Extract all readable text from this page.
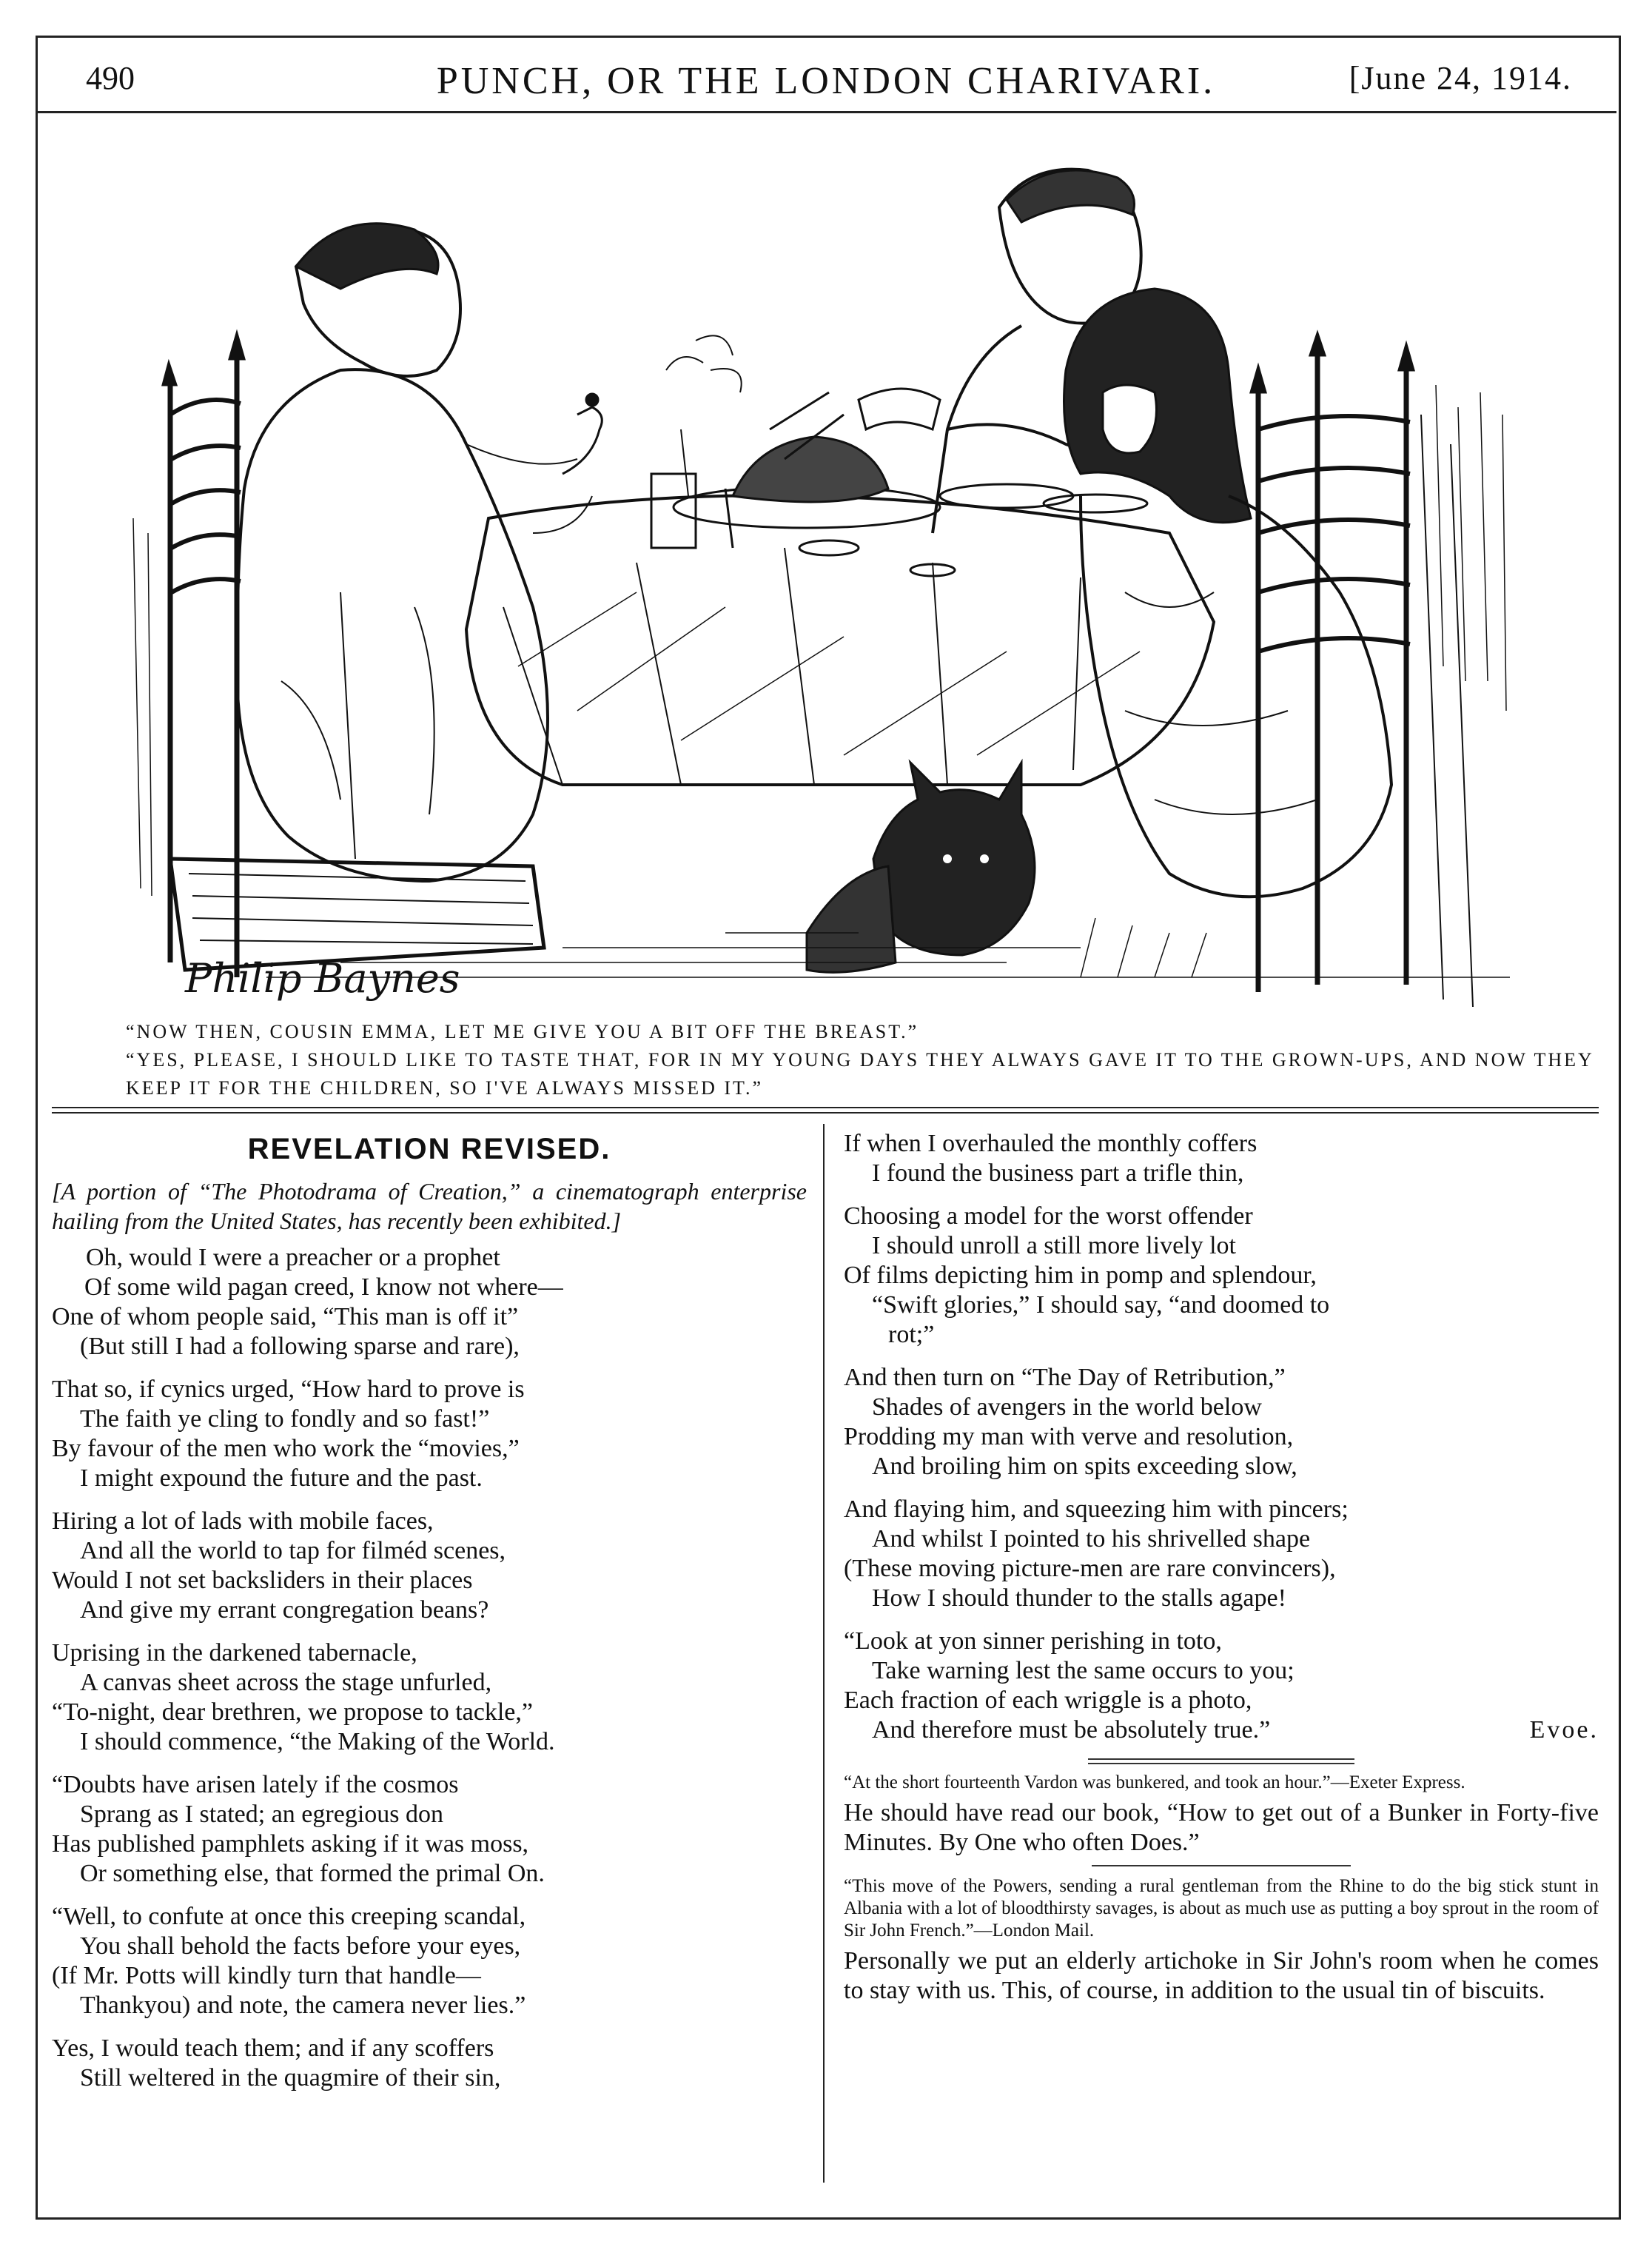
490	PUNCH, OR THE LONDON CHARIVARI.	[June 24, 1914.
Philip Baynes

“NOW THEN, COUSIN EMMA, LET ME GIVE YOU A BIT OFF THE BREAST.”

“YES, PLEASE, I SHOULD LIKE TO TASTE THAT, FOR IN MY YOUNG DAYS THEY ALWAYS GAVE IT TO THE GROWN-UPS, AND NOW THEY KEEP IT FOR THE CHILDREN, SO I'VE ALWAYS MISSED IT.”

REVELATION REVISED.

[A portion of “The Photodrama of Creation,” a cinematograph enterprise hailing from the United States, has recently been exhibited.]

Oh, would I were a preacher or a prophet
Of some wild pagan creed, I know not where—
One of whom people said, “This man is off it”
(But still I had a following sparse and rare),
That so, if cynics urged, “How hard to prove is
The faith ye cling to fondly and so fast!”
By favour of the men who work the “movies,”
I might expound the future and the past.
Hiring a lot of lads with mobile faces,
And all the world to tap for filméd scenes,
Would I not set backsliders in their places
And give my errant congregation beans?
Uprising in the darkened tabernacle,
A canvas sheet across the stage unfurled,
“To-night, dear brethren, we propose to tackle,”
I should commence, “the Making of the World.
“Doubts have arisen lately if the cosmos
Sprang as I stated; an egregious don
Has published pamphlets asking if it was moss,
Or something else, that formed the primal On.
“Well, to confute at once this creeping scandal,
You shall behold the facts before your eyes,
(If Mr. Potts will kindly turn that handle—
Thankyou) and note, the camera never lies.”
Yes, I would teach them; and if any scoffers
Still weltered in the quagmire of their sin,
If when I overhauled the monthly coffers
I found the business part a trifle thin,
Choosing a model for the worst offender
I should unroll a still more lively lot
Of films depicting him in pomp and splendour,
“Swift glories,” I should say, “and doomed to
rot;”
And then turn on “The Day of Retribution,”
Shades of avengers in the world below
Prodding my man with verve and resolution,
And broiling him on spits exceeding slow,
And flaying him, and squeezing him with pincers;
And whilst I pointed to his shrivelled shape
(These moving picture-men are rare convincers),
How I should thunder to the stalls agape!
“Look at yon sinner perishing in toto,
Take warning lest the same occurs to you;
Each fraction of each wriggle is a photo,
And therefore must be absolutely true.”	Evoe.

“At the short fourteenth Vardon was bunkered, and took an hour.”—Exeter Express.

He should have read our book, “How to get out of a Bunker in Forty-five Minutes. By One who often Does.”

“This move of the Powers, sending a rural gentleman from the Rhine to do the big stick stunt in Albania with a lot of bloodthirsty savages, is about as much use as putting a boy sprout in the room of Sir John French.”—London Mail.

Personally we put an elderly artichoke in Sir John's room when he comes to stay with us. This, of course, in addition to the usual tin of biscuits.
